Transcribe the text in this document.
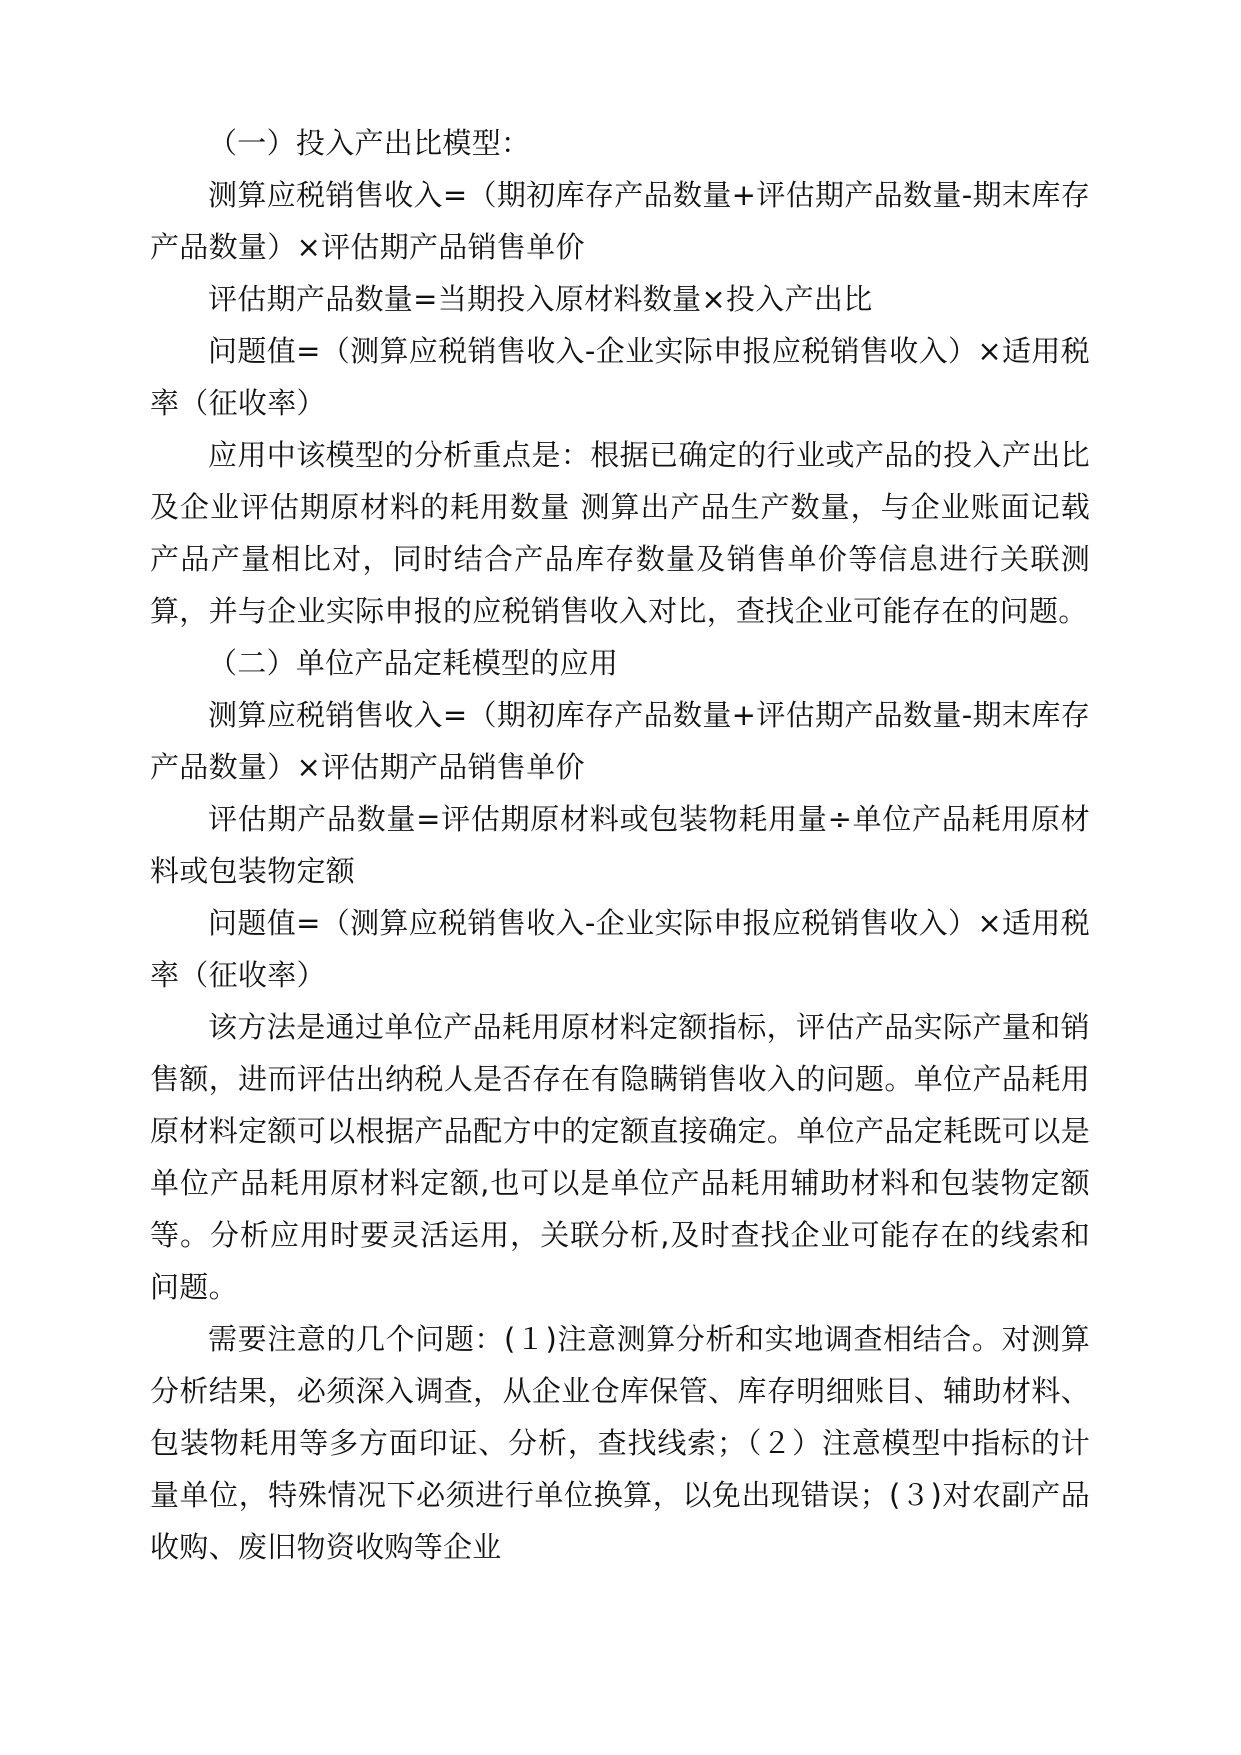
（一）投入产出比模型：

测算应税销售收入=（期初库存产品数量+评估期产品数量-期末库存产品数量）×评估期产品销售单价

评估期产品数量=当期投入原材料数量×投入产出比

问题值=（测算应税销售收入-企业实际申报应税销售收入）×适用税率（征收率）

应用中该模型的分析重点是：根据已确定的行业或产品的投入产出比及企业评估期原材料的耗用数量 测算出产品生产数量，与企业账面记载产品产量相比对，同时结合产品库存数量及销售单价等信息进行关联测算，并与企业实际申报的应税销售收入对比，查找企业可能存在的问题。

（二）单位产品定耗模型的应用

测算应税销售收入=（期初库存产品数量+评估期产品数量-期末库存产品数量）×评估期产品销售单价

评估期产品数量=评估期原材料或包装物耗用量÷单位产品耗用原材料或包装物定额

问题值=（测算应税销售收入-企业实际申报应税销售收入）×适用税率（征收率）

该方法是通过单位产品耗用原材料定额指标，评估产品实际产量和销售额，进而评估出纳税人是否存在有隐瞒销售收入的问题。单位产品耗用原材料定额可以根据产品配方中的定额直接确定。单位产品定耗既可以是单位产品耗用原材料定额,也可以是单位产品耗用辅助材料和包装物定额等。分析应用时要灵活运用，关联分析,及时查找企业可能存在的线索和问题。

需要注意的几个问题：(１)注意测算分析和实地调查相结合。对测算分析结果，必须深入调查，从企业仓库保管、库存明细账目、辅助材料、包装物耗用等多方面印证、分析，查找线索；（２）注意模型中指标的计量单位，特殊情况下必须进行单位换算，以免出现错误；(３)对农副产品收购、废旧物资收购等企业
